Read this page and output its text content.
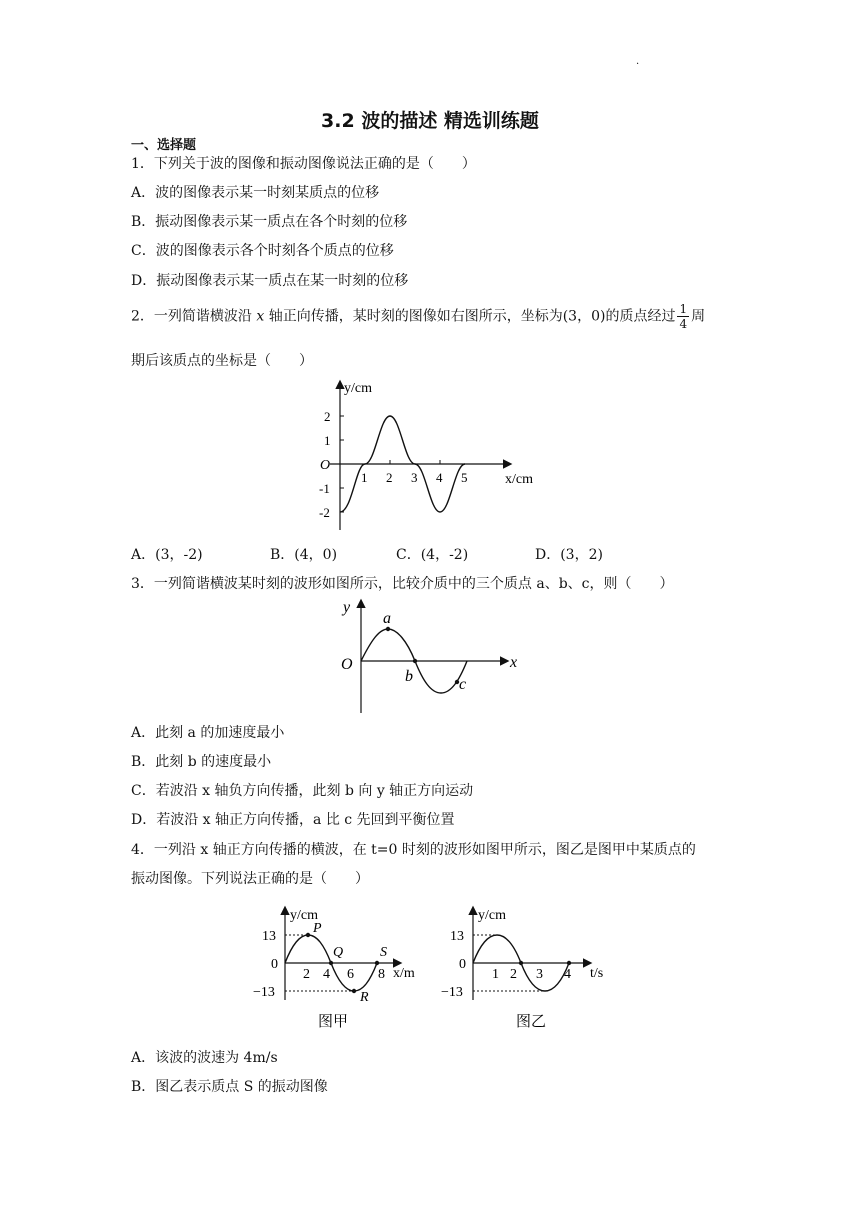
.
3.2 波的描述 精选训练题
一、选择题
1．下列关于波的图像和振动图像说法正确的是（　　）
A．波的图像表示某一时刻某质点的位移
B．振动图像表示某一质点在各个时刻的位移
C．波的图像表示各个时刻各个质点的位移
D．振动图像表示某一质点在某一时刻的位移
2．一列简谐横波沿 x 轴正向传播，某时刻的图像如右图所示，坐标为(3，0)的质点经过 $\frac{1}{4}$ 周
期后该质点的坐标是（　　）
y/cm
x/cm
O
2
1
-1
-2
1 2 3 4 5
A．(3，-2)	B．(4，0)	C．(4，-2)	D．(3，2)
3．一列简谐横波某时刻的波形如图所示，比较介质中的三个质点 a、b、c，则（　　）
y
x
O
a
b	c
A．此刻 a 的加速度最小
B．此刻 b 的速度最小
C．若波沿 x 轴负方向传播，此刻 b 向 y 轴正方向运动
D．若波沿 x 轴正方向传播，a 比 c 先回到平衡位置
4．一列沿 x 轴正方向传播的横波，在 t=0 时刻的波形如图甲所示，图乙是图甲中某质点的
振动图像。下列说法正确的是（　　）
y/cm
x/m
13
0
−13
2 4 6 8
P
Q
R
S
图甲
y/cm
t/s
13
0
−13
1 2 3 4
图乙
A．该波的波速为 4m/s
B．图乙表示质点 S 的振动图像
